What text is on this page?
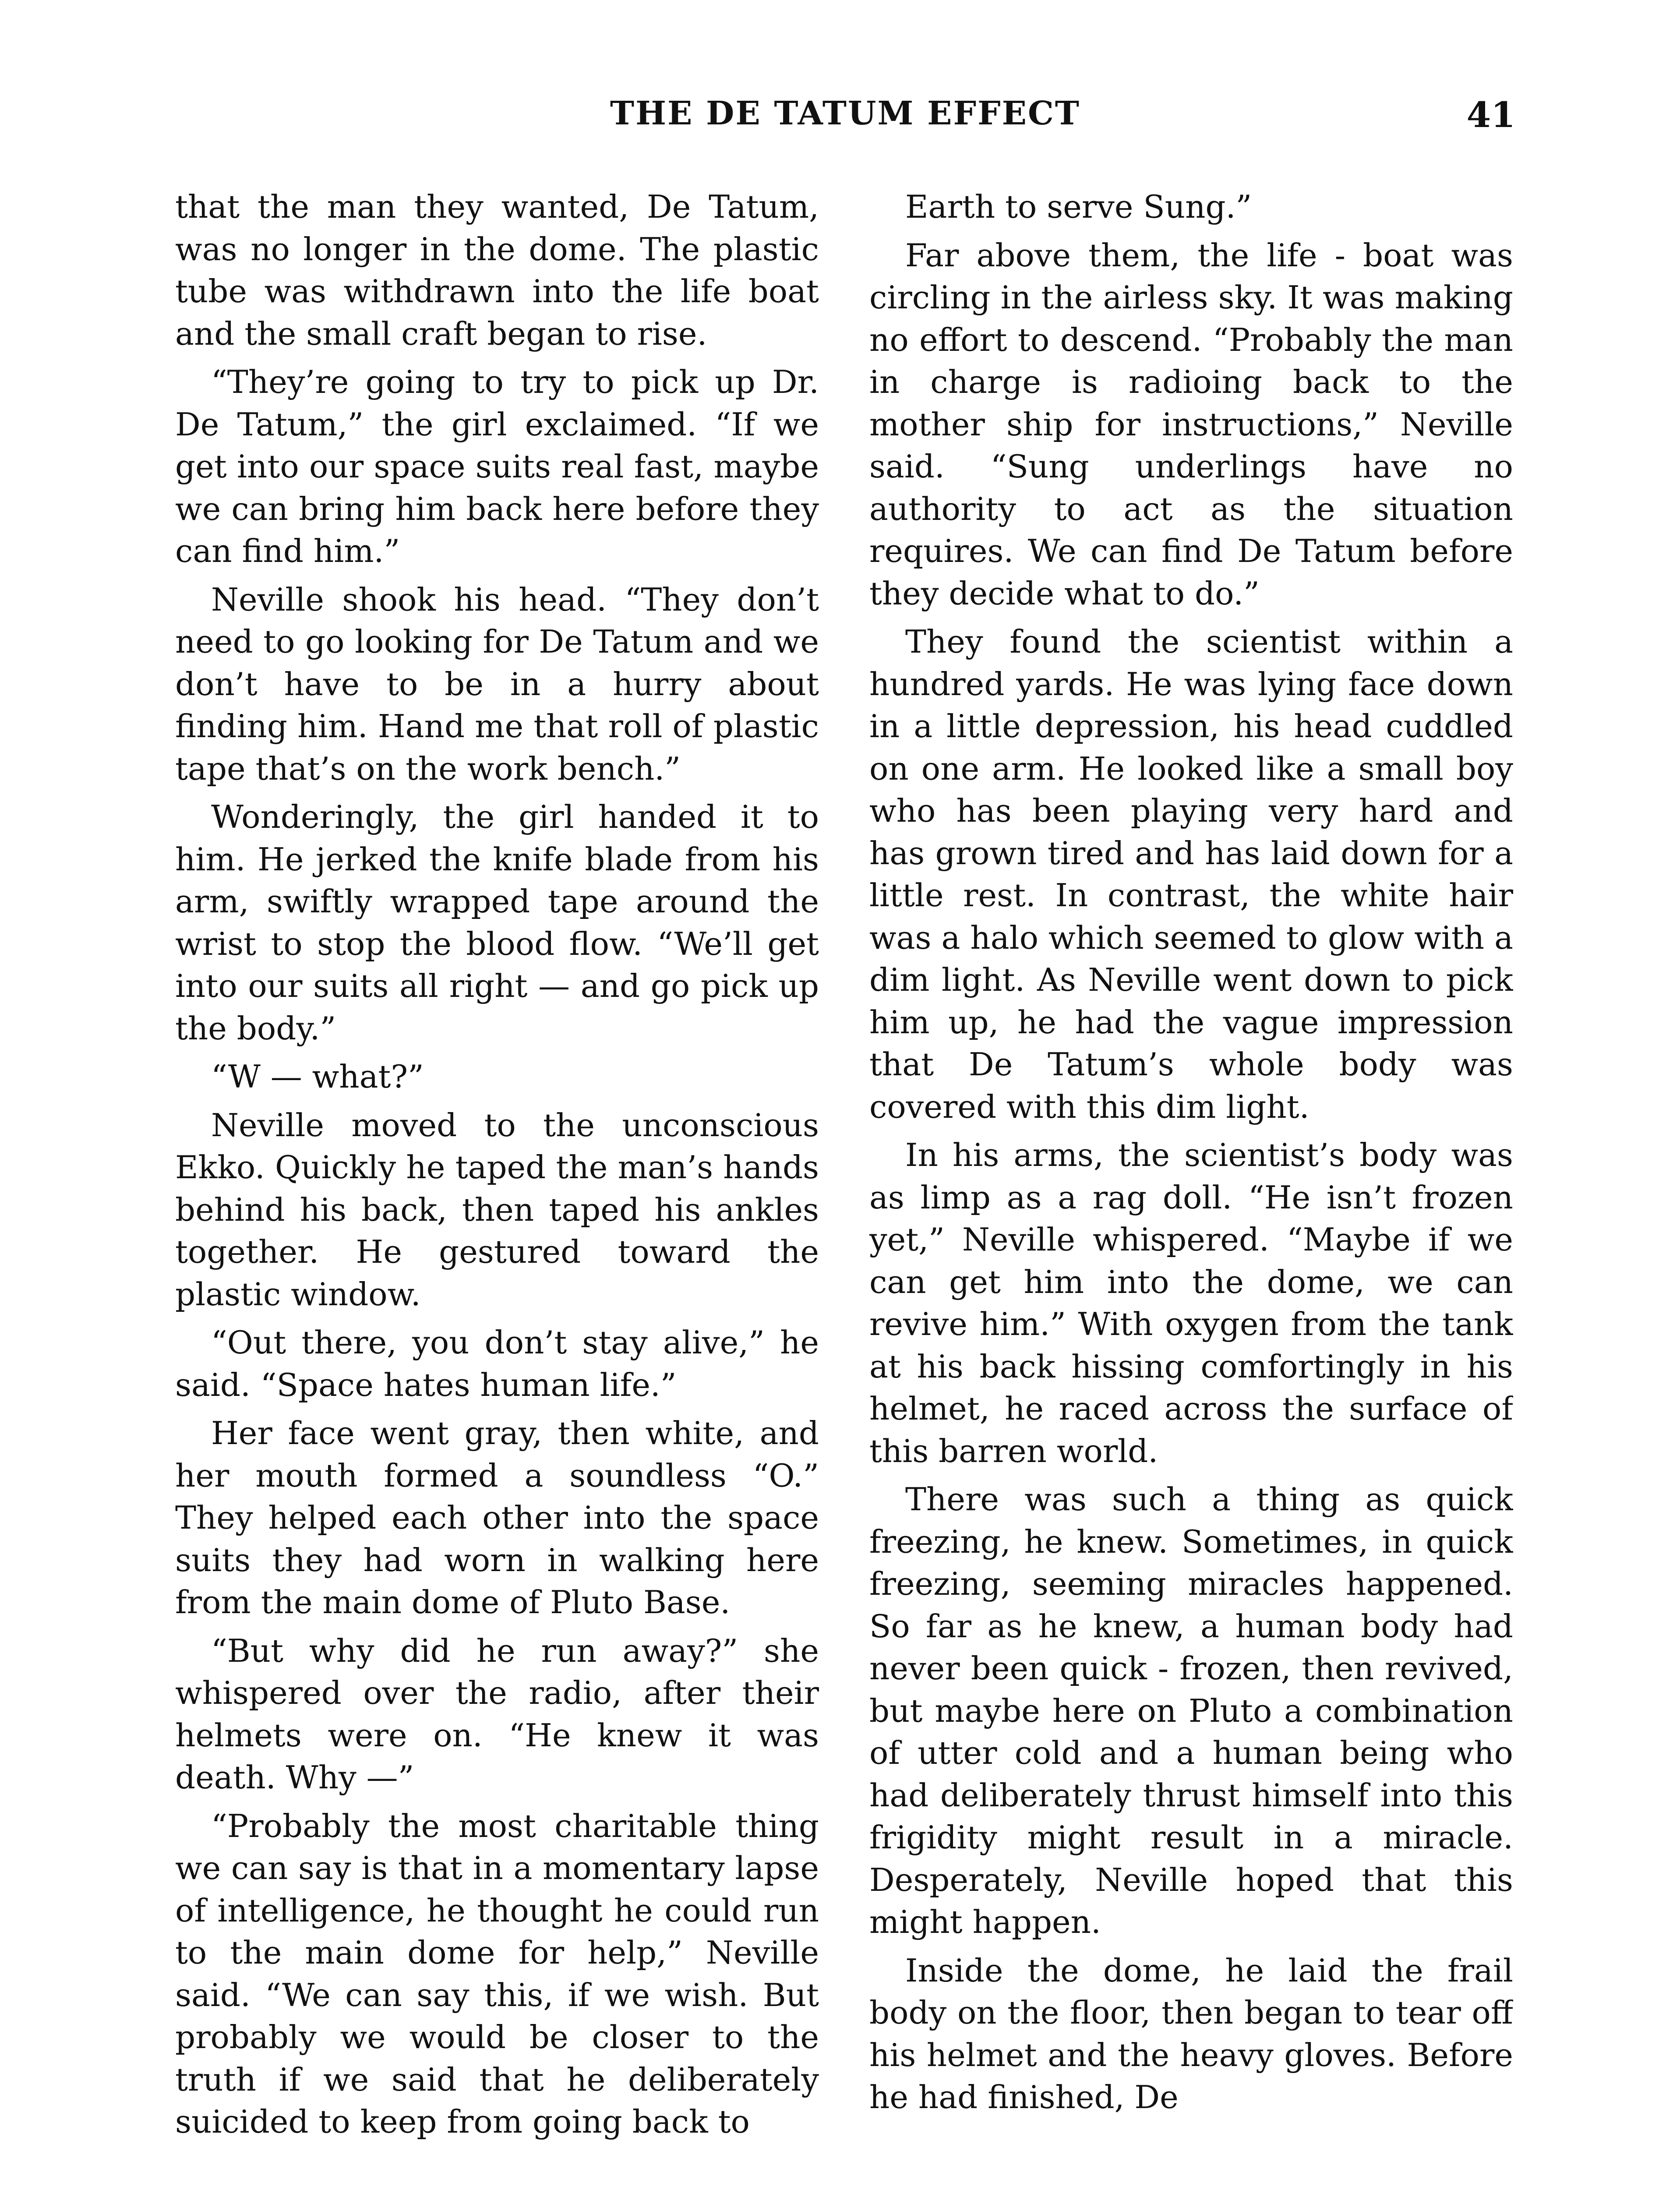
THE DE TATUM EFFECT	41

that the man they wanted, De Tatum, was no longer in the dome. The plastic tube was withdrawn into the life boat and the small craft began to rise.

“They’re going to try to pick up Dr. De Tatum,” the girl exclaimed. “If we get into our space suits real fast, maybe we can bring him back here before they can find him.”

Neville shook his head. “They don’t need to go looking for De Tatum and we don’t have to be in a hurry about finding him. Hand me that roll of plastic tape that’s on the work bench.”

Wonderingly, the girl handed it to him. He jerked the knife blade from his arm, swiftly wrapped tape around the wrist to stop the blood flow. “We’ll get into our suits all right — and go pick up the body.”

“W — what?”

Neville moved to the unconscious Ekko. Quickly he taped the man’s hands behind his back, then taped his ankles together. He gestured toward the plastic window.

“Out there, you don’t stay alive,” he said. “Space hates human life.”

Her face went gray, then white, and her mouth formed a soundless “O.” They helped each other into the space suits they had worn in walking here from the main dome of Pluto Base.

“But why did he run away?” she whispered over the radio, after their helmets were on. “He knew it was death. Why —”

“Probably the most charitable thing we can say is that in a momentary lapse of intelligence, he thought he could run to the main dome for help,” Neville said. “We can say this, if we wish. But probably we would be closer to the truth if we said that he deliberately suicided to keep from going back to

Earth to serve Sung.”

Far above them, the life - boat was circling in the airless sky. It was making no effort to descend. “Probably the man in charge is radioing back to the mother ship for instructions,” Neville said. “Sung underlings have no authority to act as the situation requires. We can find De Tatum before they decide what to do.”

They found the scientist within a hundred yards. He was lying face down in a little depression, his head cuddled on one arm. He looked like a small boy who has been playing very hard and has grown tired and has laid down for a little rest. In contrast, the white hair was a halo which seemed to glow with a dim light. As Neville went down to pick him up, he had the vague impression that De Tatum’s whole body was covered with this dim light.

In his arms, the scientist’s body was as limp as a rag doll. “He isn’t frozen yet,” Neville whispered. “Maybe if we can get him into the dome, we can revive him.” With oxygen from the tank at his back hissing comfortingly in his helmet, he raced across the surface of this barren world.

There was such a thing as quick freezing, he knew. Sometimes, in quick freezing, seeming miracles happened. So far as he knew, a human body had never been quick - frozen, then revived, but maybe here on Pluto a combination of utter cold and a human being who had deliberately thrust himself into this frigidity might result in a miracle. Desperately, Neville hoped that this might happen.

Inside the dome, he laid the frail body on the floor, then began to tear off his helmet and the heavy gloves. Before he had finished, De
